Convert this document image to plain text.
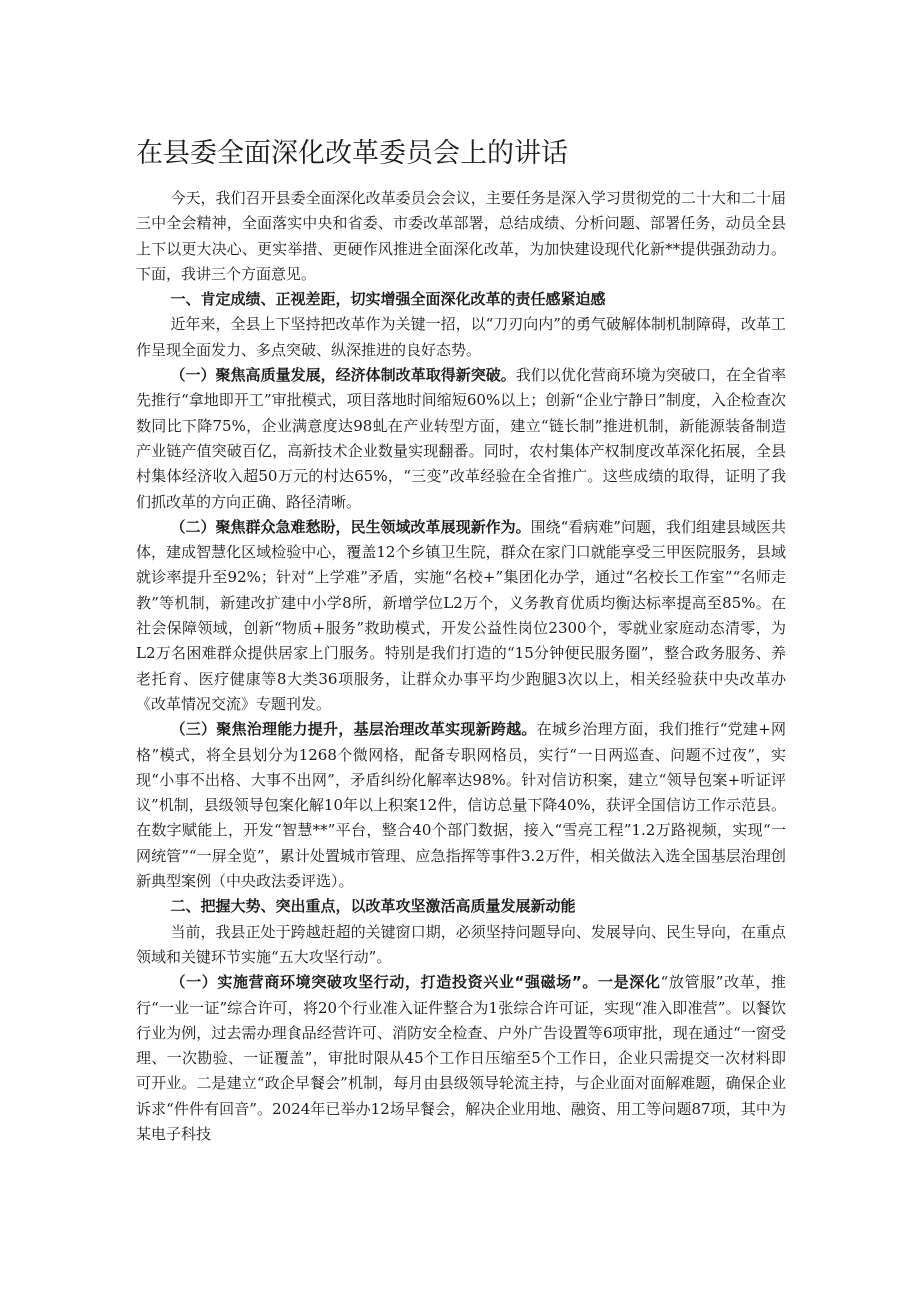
在县委全面深化改革委员会上的讲话

今天，我们召开县委全面深化改革委员会会议，主要任务是深入学习贯彻党的二十大和二十届三中全会精神，全面落实中央和省委、市委改革部署，总结成绩、分析问题、部署任务，动员全县上下以更大决心、更实举措、更硬作风推进全面深化改革，为加快建设现代化新**提供强劲动力。下面，我讲三个方面意见。

一、肯定成绩、正视差距，切实增强全面深化改革的责任感紧迫感

近年来，全县上下坚持把改革作为关键一招，以“刀刃向内”的勇气破解体制机制障碍，改革工作呈现全面发力、多点突破、纵深推进的良好态势。

（一）聚焦高质量发展，经济体制改革取得新突破。我们以优化营商环境为突破口，在全省率先推行“拿地即开工”审批模式，项目落地时间缩短60%以上；创新“企业宁静日”制度，入企检查次数同比下降75%，企业满意度达98虬在产业转型方面，建立“链长制”推进机制，新能源装备制造产业链产值突破百亿，高新技术企业数量实现翻番。同时，农村集体产权制度改革深化拓展，全县村集体经济收入超50万元的村达65%，“三变”改革经验在全省推广。这些成绩的取得，证明了我们抓改革的方向正确、路径清晰。

（二）聚焦群众急难愁盼，民生领域改革展现新作为。围绕“看病难”问题，我们组建县域医共体，建成智慧化区域检验中心，覆盖12个乡镇卫生院，群众在家门口就能享受三甲医院服务，县域就诊率提升至92%；针对“上学难”矛盾，实施“名校+”集团化办学，通过“名校长工作室”“名师走教”等机制，新建改扩建中小学8所，新增学位L2万个，义务教育优质均衡达标率提高至85%。在社会保障领域，创新“物质+服务”救助模式，开发公益性岗位2300个，零就业家庭动态清零，为L2万名困难群众提供居家上门服务。特别是我们打造的“15分钟便民服务圈”，整合政务服务、养老托育、医疗健康等8大类36项服务，让群众办事平均少跑腿3次以上，相关经验获中央改革办《改革情况交流》专题刊发。

（三）聚焦治理能力提升，基层治理改革实现新跨越。在城乡治理方面，我们推行“党建+网格”模式，将全县划分为1268个微网格，配备专职网格员，实行“一日两巡查、问题不过夜”，实现“小事不出格、大事不出网”，矛盾纠纷化解率达98%。针对信访积案，建立“领导包案+听证评议”机制，县级领导包案化解10年以上积案12件，信访总量下降40%，获评全国信访工作示范县。在数字赋能上，开发“智慧**”平台，整合40个部门数据，接入“雪亮工程”1.2万路视频，实现“一网统管”“一屏全览”，累计处置城市管理、应急指挥等事件3.2万件，相关做法入选全国基层治理创新典型案例（中央政法委评选）。

二、把握大势、突出重点，以改革攻坚激活高质量发展新动能

当前，我县正处于跨越赶超的关键窗口期，必须坚持问题导向、发展导向、民生导向，在重点领域和关键环节实施“五大攻坚行动”。

（一）实施营商环境突破攻坚行动，打造投资兴业“强磁场”。一是深化“放管服”改革，推行“一业一证”综合许可，将20个行业准入证件整合为1张综合许可证，实现“准入即准营”。以餐饮行业为例，过去需办理食品经营许可、消防安全检查、户外广告设置等6项审批，现在通过“一窗受理、一次勘验、一证覆盖”，审批时限从45个工作日压缩至5个工作日，企业只需提交一次材料即可开业。二是建立“政企早餐会”机制，每月由县级领导轮流主持，与企业面对面解难题，确保企业诉求“件件有回音”。2024年已举办12场早餐会，解决企业用地、融资、用工等问题87项，其中为某电子科技
